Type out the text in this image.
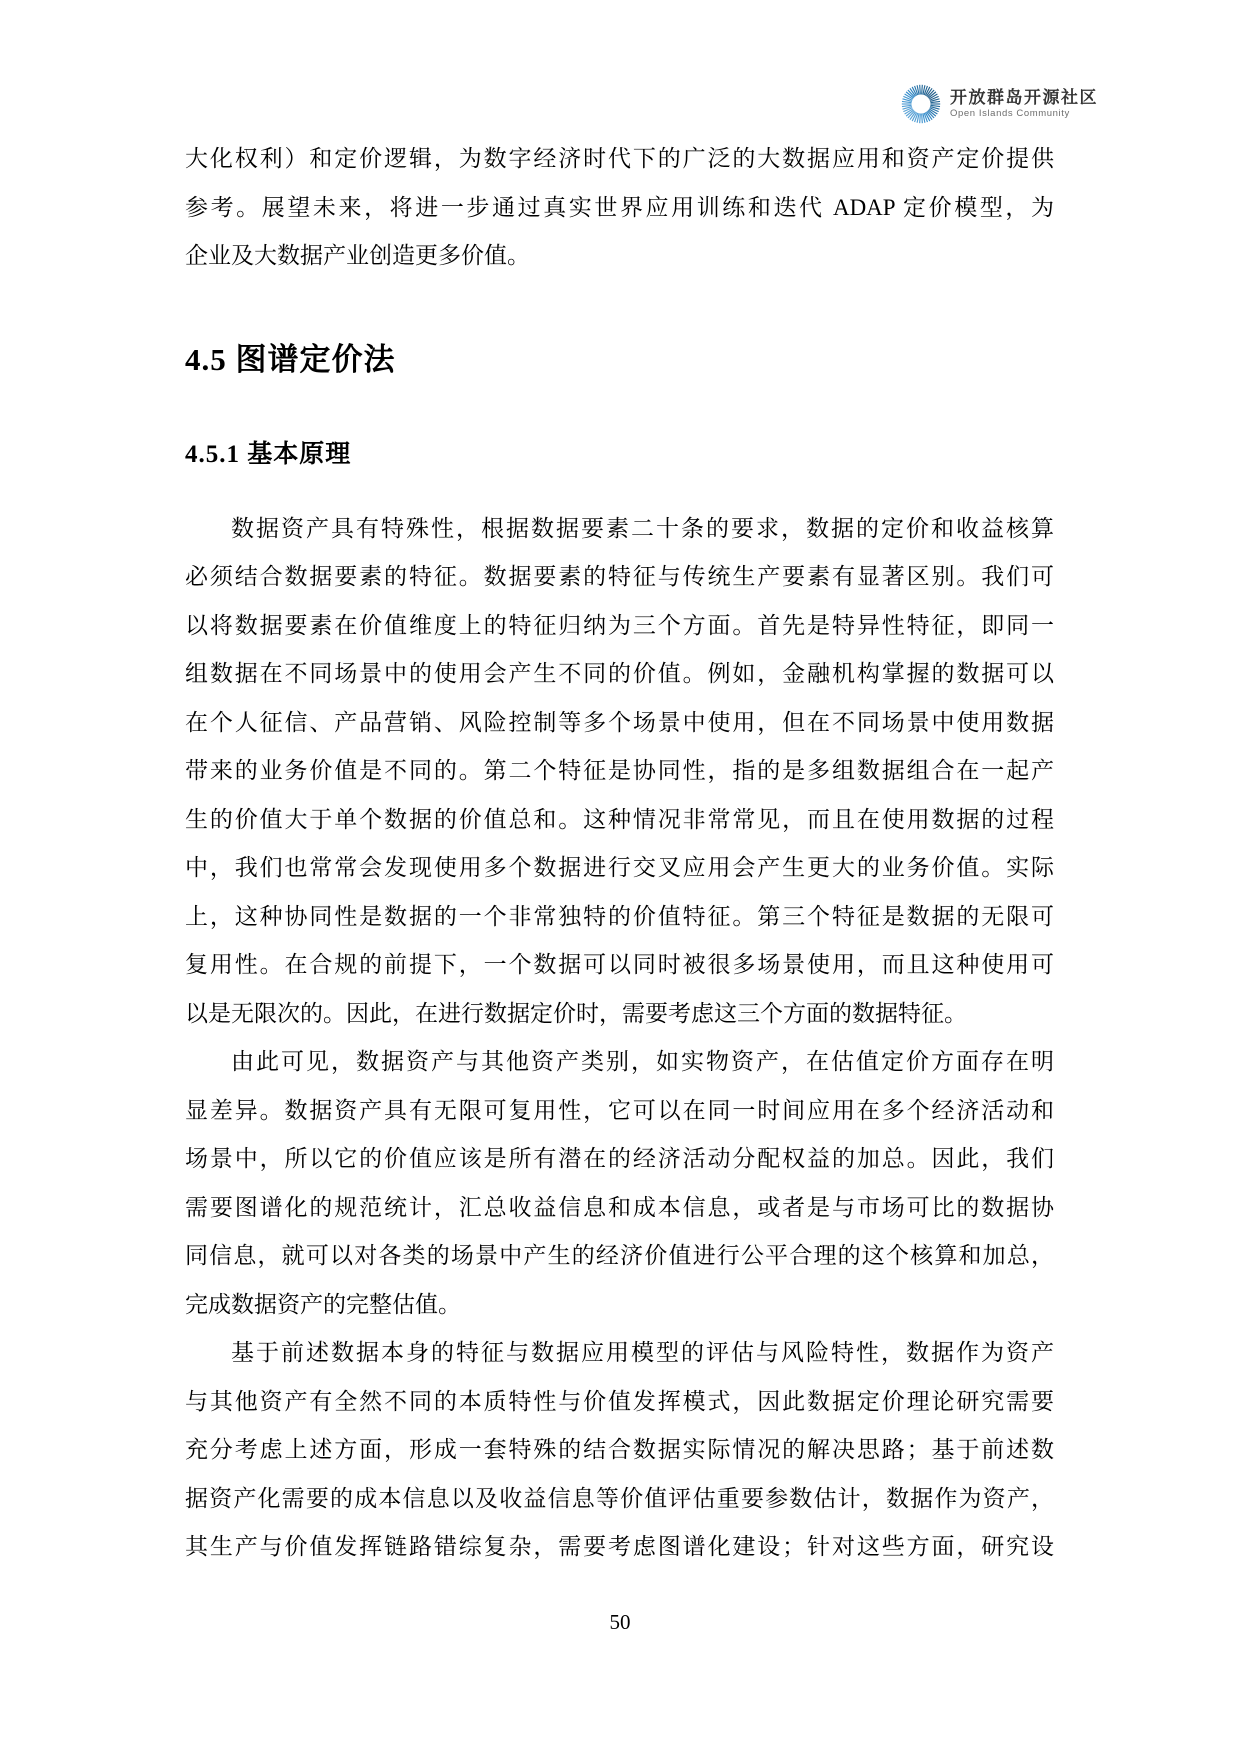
开放群岛开源社区
Open Islands Community
大化权利）和定价逻辑，为数字经济时代下的广泛的大数据应用和资产定价提供
参考。展望未来，将进一步通过真实世界应用训练和迭代 ADAP 定价模型，为
企业及大数据产业创造更多价值。
4.5 图谱定价法
4.5.1 基本原理
数据资产具有特殊性，根据数据要素二十条的要求，数据的定价和收益核算
必须结合数据要素的特征。数据要素的特征与传统生产要素有显著区别。我们可
以将数据要素在价值维度上的特征归纳为三个方面。首先是特异性特征，即同一
组数据在不同场景中的使用会产生不同的价值。例如，金融机构掌握的数据可以
在个人征信、产品营销、风险控制等多个场景中使用，但在不同场景中使用数据
带来的业务价值是不同的。第二个特征是协同性，指的是多组数据组合在一起产
生的价值大于单个数据的价值总和。这种情况非常常见，而且在使用数据的过程
中，我们也常常会发现使用多个数据进行交叉应用会产生更大的业务价值。实际
上，这种协同性是数据的一个非常独特的价值特征。第三个特征是数据的无限可
复用性。在合规的前提下，一个数据可以同时被很多场景使用，而且这种使用可
以是无限次的。因此，在进行数据定价时，需要考虑这三个方面的数据特征。
由此可见，数据资产与其他资产类别，如实物资产，在估值定价方面存在明
显差异。数据资产具有无限可复用性，它可以在同一时间应用在多个经济活动和
场景中，所以它的价值应该是所有潜在的经济活动分配权益的加总。因此，我们
需要图谱化的规范统计，汇总收益信息和成本信息，或者是与市场可比的数据协
同信息，就可以对各类的场景中产生的经济价值进行公平合理的这个核算和加总，
完成数据资产的完整估值。
基于前述数据本身的特征与数据应用模型的评估与风险特性，数据作为资产
与其他资产有全然不同的本质特性与价值发挥模式，因此数据定价理论研究需要
充分考虑上述方面，形成一套特殊的结合数据实际情况的解决思路；基于前述数
据资产化需要的成本信息以及收益信息等价值评估重要参数估计，数据作为资产，
其生产与价值发挥链路错综复杂，需要考虑图谱化建设；针对这些方面，研究设
50
